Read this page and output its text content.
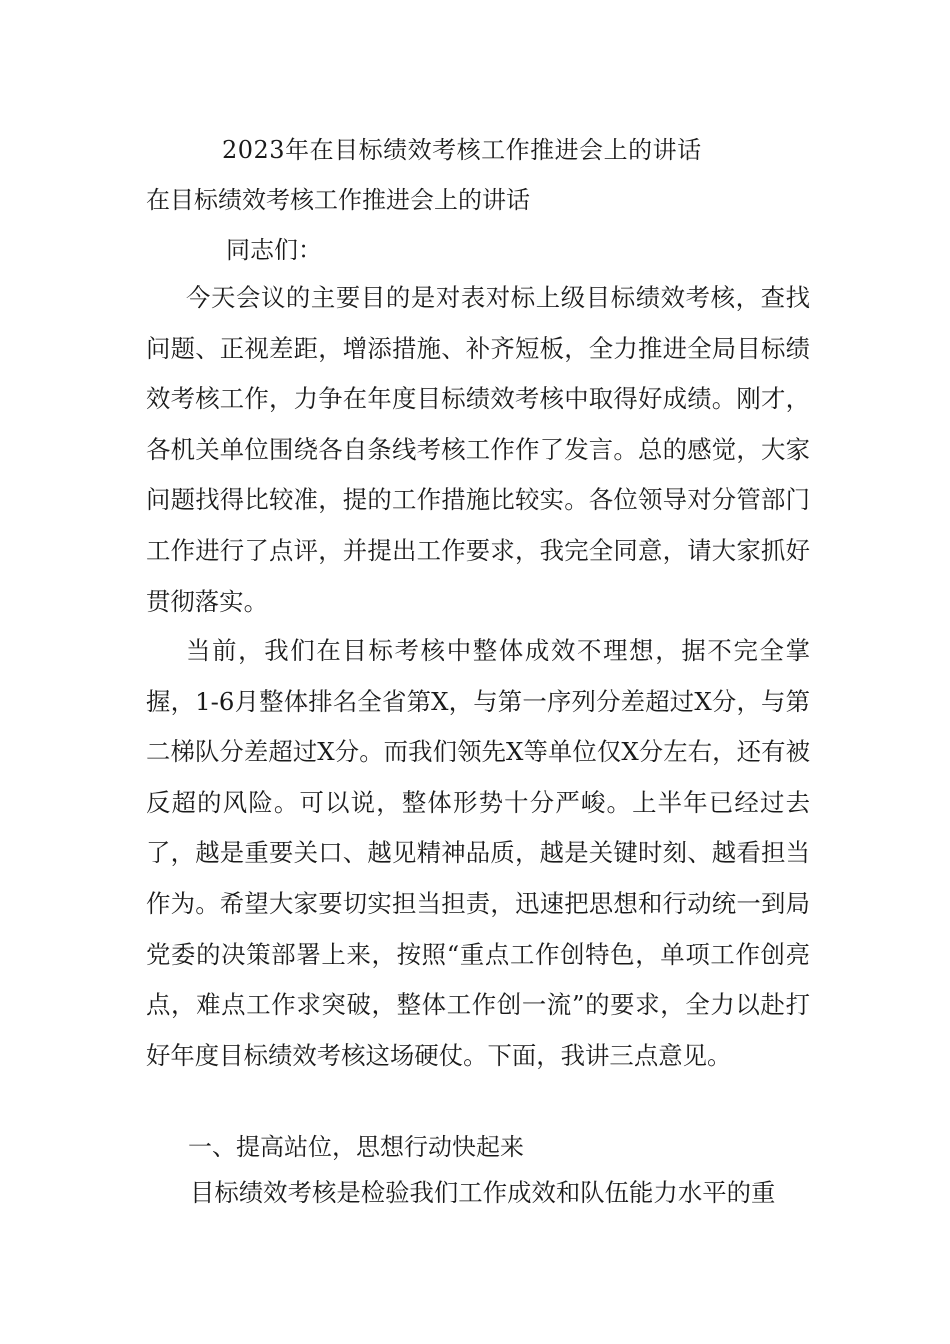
2023年在目标绩效考核工作推进会上的讲话
在目标绩效考核工作推进会上的讲话
同志们：

今天会议的主要目的是对表对标上级目标绩效考核，查找问题、正视差距，增添措施、补齐短板，全力推进全局目标绩效考核工作，力争在年度目标绩效考核中取得好成绩。刚才，各机关单位围绕各自条线考核工作作了发言。总的感觉，大家问题找得比较准，提的工作措施比较实。各位领导对分管部门工作进行了点评，并提出工作要求，我完全同意，请大家抓好贯彻落实。

当前，我们在目标考核中整体成效不理想，据不完全掌握，1-6月整体排名全省第X，与第一序列分差超过X分，与第二梯队分差超过X分。而我们领先X等单位仅X分左右，还有被反超的风险。可以说，整体形势十分严峻。上半年已经过去了，越是重要关口、越见精神品质，越是关键时刻、越看担当作为。希望大家要切实担当担责，迅速把思想和行动统一到局党委的决策部署上来，按照“重点工作创特色，单项工作创亮点，难点工作求突破，整体工作创一流”的要求，全力以赴打好年度目标绩效考核这场硬仗。下面，我讲三点意见。

一、提高站位，思想行动快起来

目标绩效考核是检验我们工作成效和队伍能力水平的重
